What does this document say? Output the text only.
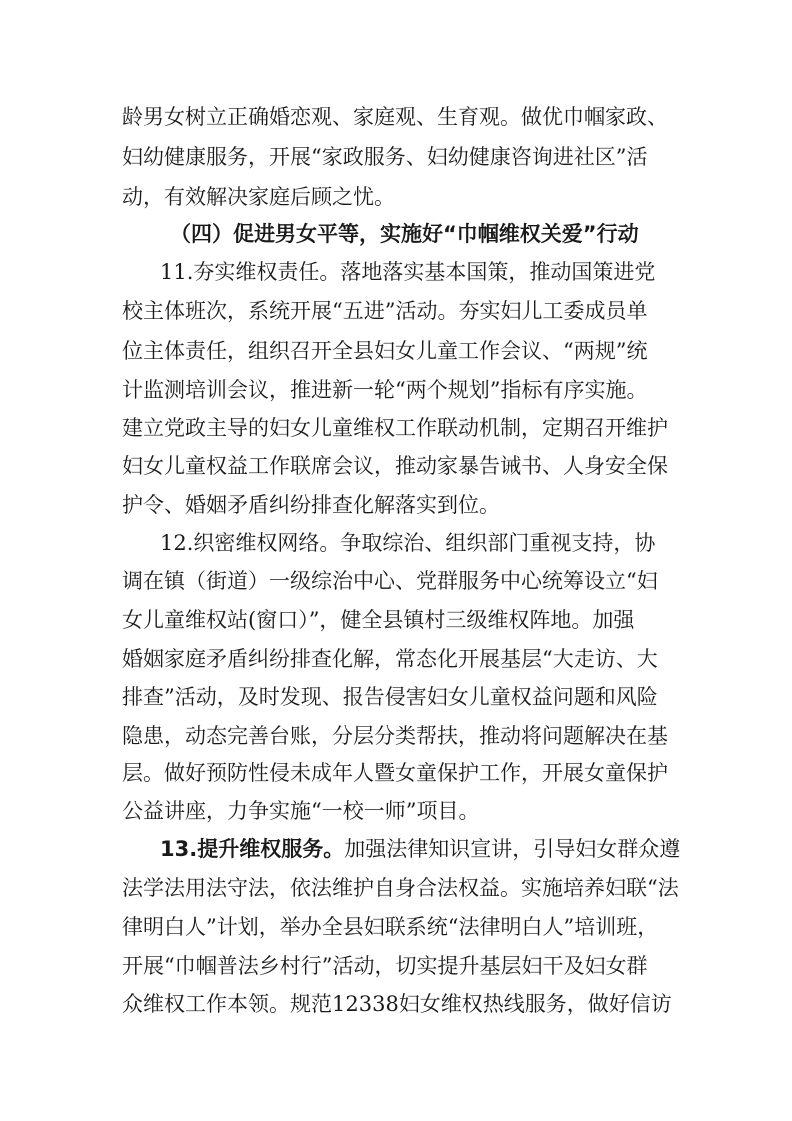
龄男女树立正确婚恋观、家庭观、生育观。做优巾帼家政、
妇幼健康服务，开展“家政服务、妇幼健康咨询进社区”活
动，有效解决家庭后顾之忧。
（四）促进男女平等，实施好“巾帼维权关爱”行动
11.夯实维权责任。落地落实基本国策，推动国策进党
校主体班次，系统开展“五进”活动。夯实妇儿工委成员单
位主体责任，组织召开全县妇女儿童工作会议、“两规”统
计监测培训会议，推进新一轮“两个规划”指标有序实施。
建立党政主导的妇女儿童维权工作联动机制，定期召开维护
妇女儿童权益工作联席会议，推动家暴告诫书、人身安全保
护令、婚姻矛盾纠纷排查化解落实到位。
12.织密维权网络。争取综治、组织部门重视支持，协
调在镇（街道）一级综治中心、党群服务中心统筹设立“妇
女儿童维权站(窗口）”，健全县镇村三级维权阵地。加强
婚姻家庭矛盾纠纷排查化解，常态化开展基层“大走访、大
排查”活动，及时发现、报告侵害妇女儿童权益问题和风险
隐患，动态完善台账，分层分类帮扶，推动将问题解决在基
层。做好预防性侵未成年人暨女童保护工作，开展女童保护
公益讲座，力争实施“一校一师”项目。
13.提升维权服务。加强法律知识宣讲，引导妇女群众遵
法学法用法守法，依法维护自身合法权益。实施培养妇联“法
律明白人”计划，举办全县妇联系统“法律明白人”培训班，
开展“巾帼普法乡村行”活动，切实提升基层妇干及妇女群
众维权工作本领。规范12338妇女维权热线服务，做好信访
